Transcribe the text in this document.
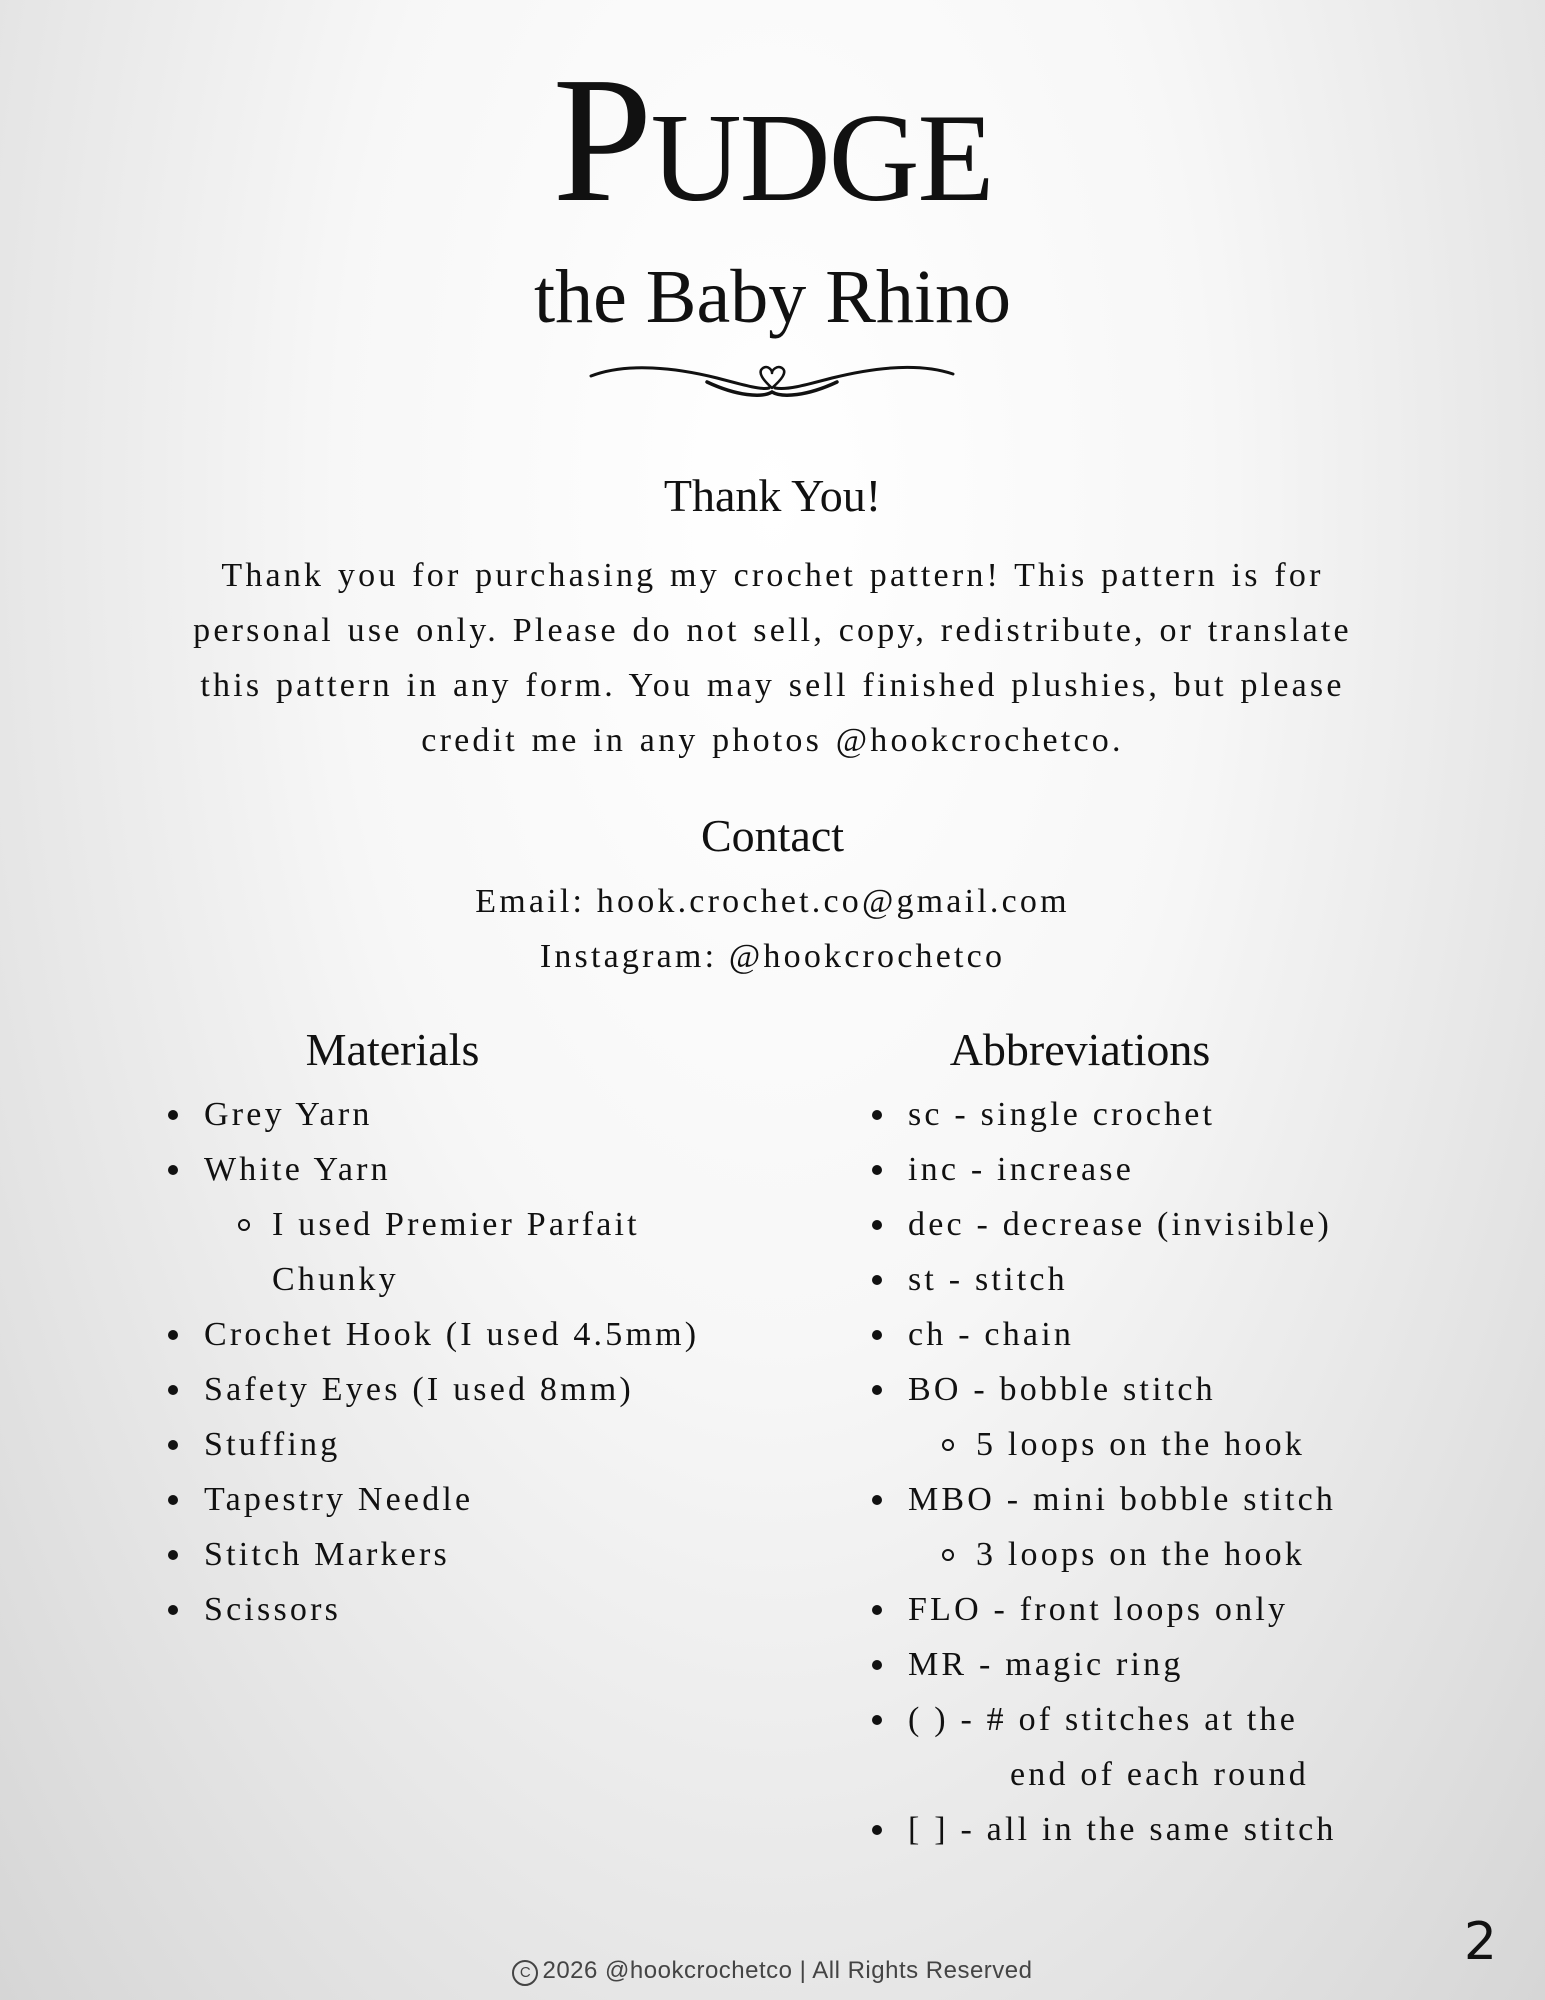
Pudge
the Baby Rhino
Thank You!
Thank you for purchasing my crochet pattern! This pattern is for personal use only. Please do not sell, copy, redistribute, or translate this pattern in any form. You may sell finished plushies, but please credit me in any photos @hookcrochetco.
Contact
Email: hook.crochet.co@gmail.com
Instagram: @hookcrochetco
Materials
Grey Yarn
White Yarn
I used Premier Parfait
Chunky
Crochet Hook (I used 4.5mm)
Safety Eyes (I used 8mm)
Stuffing
Tapestry Needle
Stitch Markers
Scissors
Abbreviations
sc - single crochet
inc - increase
dec - decrease (invisible)
st - stitch
ch - chain
BO - bobble stitch
5 loops on the hook
MBO - mini bobble stitch
3 loops on the hook
FLO - front loops only
MR - magic ring
( ) - # of stitches at the
end of each round
[ ] - all in the same stitch
C 2026 @hookcrochetco | All Rights Reserved	2
